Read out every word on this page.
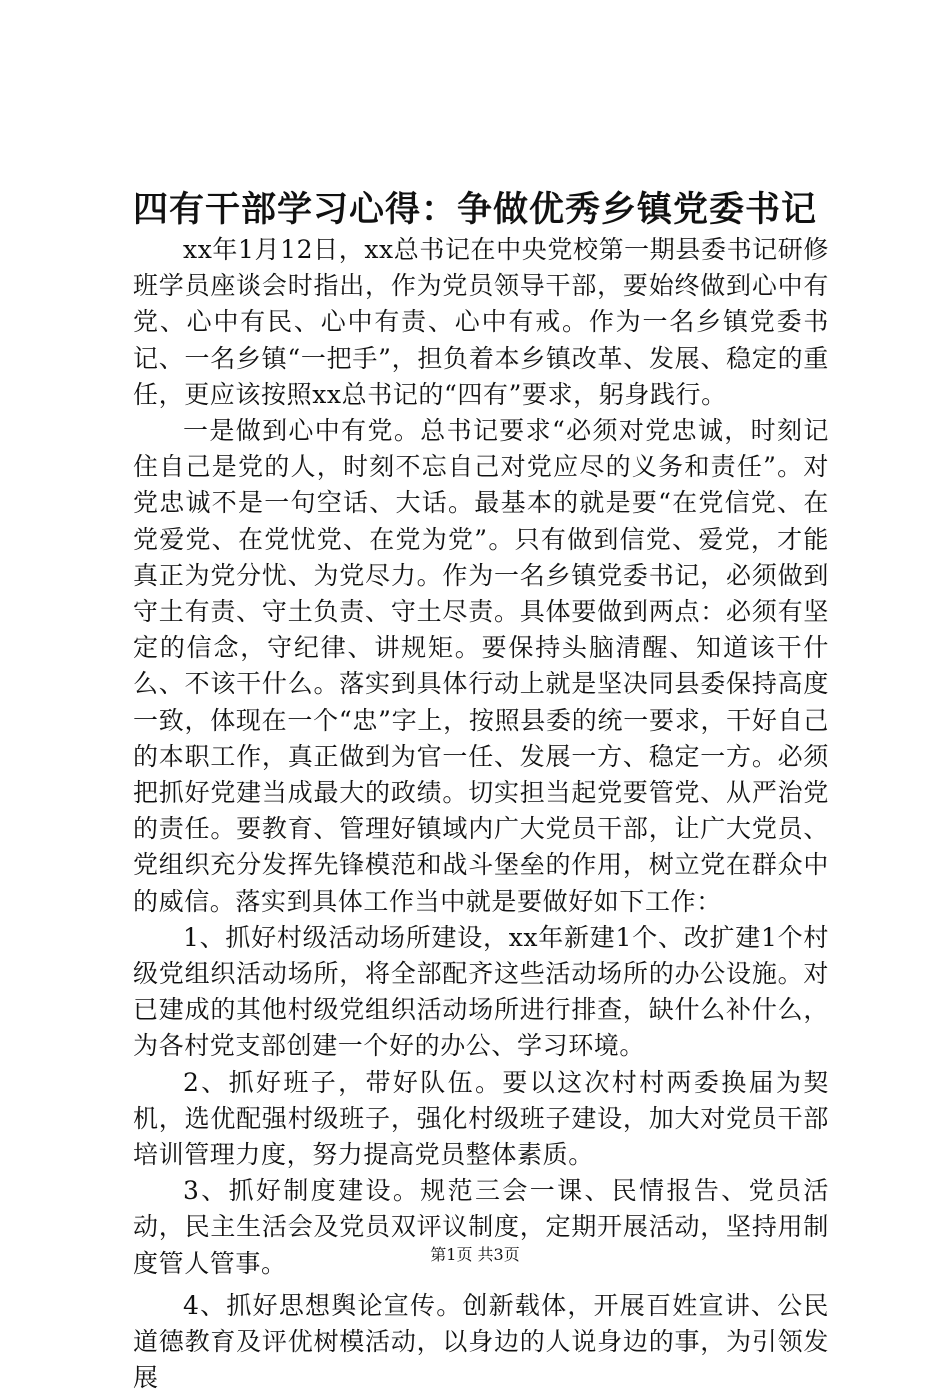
四有干部学习心得：争做优秀乡镇党委书记

xx年1月12日，xx总书记在中央党校第一期县委书记研修班学员座谈会时指出，作为党员领导干部，要始终做到心中有党、心中有民、心中有责、心中有戒。作为一名乡镇党委书记、一名乡镇“一把手”，担负着本乡镇改革、发展、稳定的重任，更应该按照xx总书记的“四有”要求，躬身践行。

一是做到心中有党。总书记要求“必须对党忠诚，时刻记住自己是党的人，时刻不忘自己对党应尽的义务和责任”。对党忠诚不是一句空话、大话。最基本的就是要“在党信党、在党爱党、在党忧党、在党为党”。只有做到信党、爱党，才能真正为党分忧、为党尽力。作为一名乡镇党委书记，必须做到守土有责、守土负责、守土尽责。具体要做到两点：必须有坚定的信念，守纪律、讲规矩。要保持头脑清醒、知道该干什么、不该干什么。落实到具体行动上就是坚决同县委保持高度一致，体现在一个“忠”字上，按照县委的统一要求，干好自己的本职工作，真正做到为官一任、发展一方、稳定一方。必须把抓好党建当成最大的政绩。切实担当起党要管党、从严治党的责任。要教育、管理好镇域内广大党员干部，让广大党员、党组织充分发挥先锋模范和战斗堡垒的作用，树立党在群众中的威信。落实到具体工作当中就是要做好如下工作：

1、抓好村级活动场所建设，xx年新建1个、改扩建1个村级党组织活动场所，将全部配齐这些活动场所的办公设施。对已建成的其他村级党组织活动场所进行排查，缺什么补什么，为各村党支部创建一个好的办公、学习环境。

2、抓好班子，带好队伍。要以这次村村两委换届为契机，选优配强村级班子，强化村级班子建设，加大对党员干部培训管理力度，努力提高党员整体素质。

3、抓好制度建设。规范三会一课、民情报告、党员活动，民主生活会及党员双评议制度，定期开展活动，坚持用制度管人管事。

4、抓好思想舆论宣传。创新载体，开展百姓宣讲、公民道德教育及评优树模活动，以身边的人说身边的事，为引领发展

第1页 共3页
